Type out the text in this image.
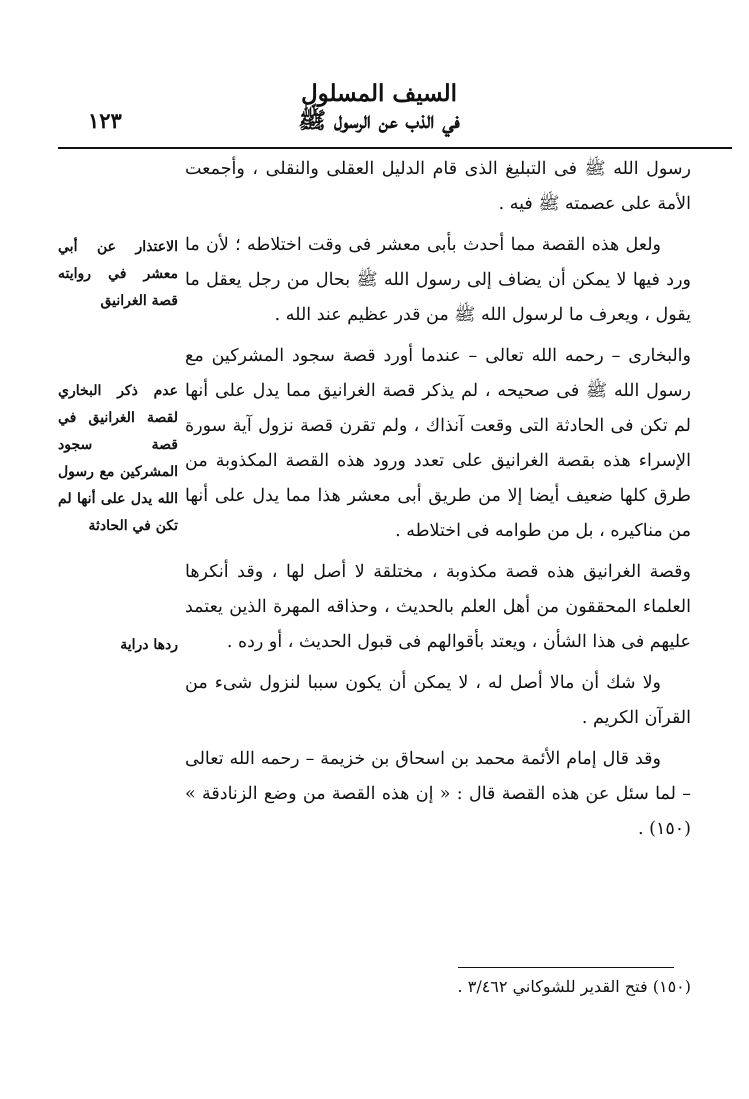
السيف المسلول
في الذب عن الرسول ﷺ
١٢٣

رسول الله ﷺ فى التبليغ الذى قام الدليل العقلى والنقلى ، وأجمعت الأمة على عصمته ﷺ فيه .

ولعل هذه القصة مما أحدث بأبى معشر فى وقت اختلاطه ؛ لأن ما ورد فيها لا يمكن أن يضاف إلى رسول الله ﷺ بحال من رجل يعقل ما يقول ، ويعرف ما لرسول الله ﷺ من قدر عظيم عند الله .

والبخارى – رحمه الله تعالى – عندما أورد قصة سجود المشركين مع رسول الله ﷺ فى صحيحه ، لم يذكر قصة الغرانيق مما يدل على أنها لم تكن فى الحادثة التى وقعت آنذاك ، ولم تقرن قصة نزول آية سورة الإسراء هذه بقصة الغرانيق على تعدد ورود هذه القصة المكذوبة من طرق كلها ضعيف أيضا إلا من طريق أبى معشر هذا مما يدل على أنها من مناكيره ، بل من طوامه فى اختلاطه .

وقصة الغرانيق هذه قصة مكذوبة ، مختلقة لا أصل لها ، وقد أنكرها العلماء المحققون من أهل العلم بالحديث ، وحذاقه المهرة الذين يعتمد عليهم فى هذا الشأن ، ويعتد بأقوالهم فى قبول الحديث ، أو رده .

ولا شك أن مالا أصل له ، لا يمكن أن يكون سببا لنزول شىء من القرآن الكريم .

وقد قال إمام الأئمة محمد بن اسحاق بن خزيمة – رحمه الله تعالى – لما سئل عن هذه القصة قال : « إن هذه القصة من وضع الزنادقة » (١٥٠) .

الاعتذار عن أبي معشر في روايته قصة الغرانيق
عدم ذكر البخاري لقصة الغرانيق في قصة سجود المشركين مع رسول الله يدل على أنها لم تكن في الحادثة
ردها دراية
(١٥٠) فتح القدير للشوكاني ٣/٤٦٢ .
